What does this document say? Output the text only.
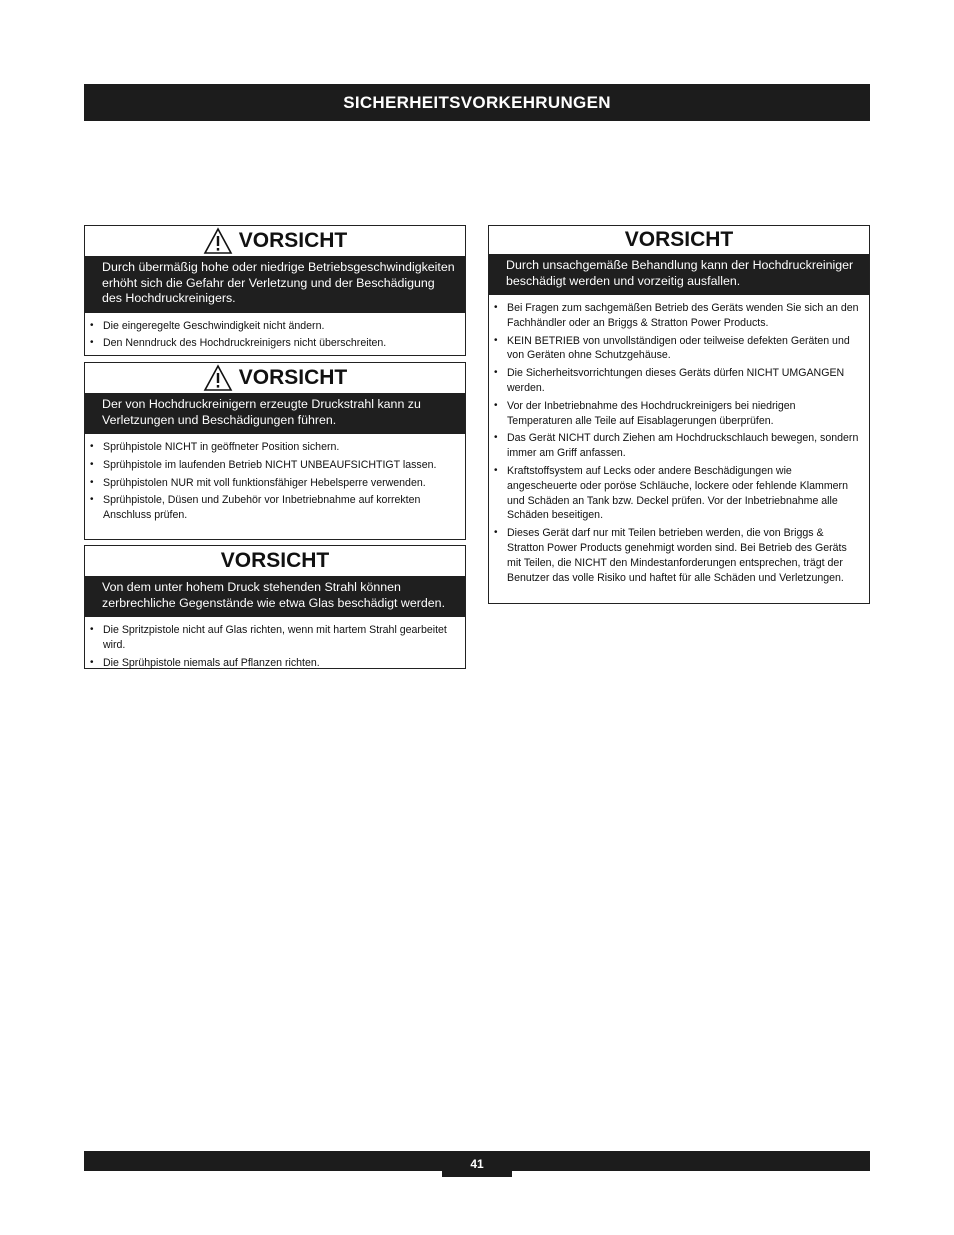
SICHERHEITSVORKEHRUNGEN
VORSICHT
Durch übermäßig hohe oder niedrige Betriebsgeschwindigkeiten erhöht sich die Gefahr der Verletzung und der Beschädigung des Hochdruckreinigers.
• Die eingeregelte Geschwindigkeit nicht ändern.
• Den Nenndruck des Hochdruckreinigers nicht überschreiten.
VORSICHT
Der von Hochdruckreinigern erzeugte Druckstrahl kann zu Verletzungen und Beschädigungen führen.
• Sprühpistole NICHT in geöffneter Position sichern.
• Sprühpistole im laufenden Betrieb NICHT UNBEAUFSICHTIGT lassen.
• Sprühpistolen NUR mit voll funktionsfähiger Hebelsperre verwenden.
• Sprühpistole, Düsen und Zubehör vor Inbetriebnahme auf korrekten Anschluss prüfen.
VORSICHT
Von dem unter hohem Druck stehenden Strahl können zerbrechliche Gegenstände wie etwa Glas beschädigt werden.
• Die Spritzpistole nicht auf Glas richten, wenn mit hartem Strahl gearbeitet wird.
• Die Sprühpistole niemals auf Pflanzen richten.
VORSICHT
Durch unsachgemäße Behandlung kann der Hochdruckreiniger beschädigt werden und vorzeitig ausfallen.
• Bei Fragen zum sachgemäßen Betrieb des Geräts wenden Sie sich an den Fachhändler oder an Briggs & Stratton Power Products.
• KEIN BETRIEB von unvollständigen oder teilweise defekten Geräten und von Geräten ohne Schutzgehäuse.
• Die Sicherheitsvorrichtungen dieses Geräts dürfen NICHT UMGANGEN werden.
• Vor der Inbetriebnahme des Hochdruckreinigers bei niedrigen Temperaturen alle Teile auf Eisablagerungen überprüfen.
• Das Gerät NICHT durch Ziehen am Hochdruckschlauch bewegen, sondern immer am Griff anfassen.
• Kraftstoffsystem auf Lecks oder andere Beschädigungen wie angescheuerte oder poröse Schläuche, lockere oder fehlende Klammern und Schäden an Tank bzw. Deckel prüfen. Vor der Inbetriebnahme alle Schäden beseitigen.
• Dieses Gerät darf nur mit Teilen betrieben werden, die von Briggs & Stratton Power Products genehmigt worden sind. Bei Betrieb des Geräts mit Teilen, die NICHT den Mindestanforderungen entsprechen, trägt der Benutzer das volle Risiko und haftet für alle Schäden und Verletzungen.
41
